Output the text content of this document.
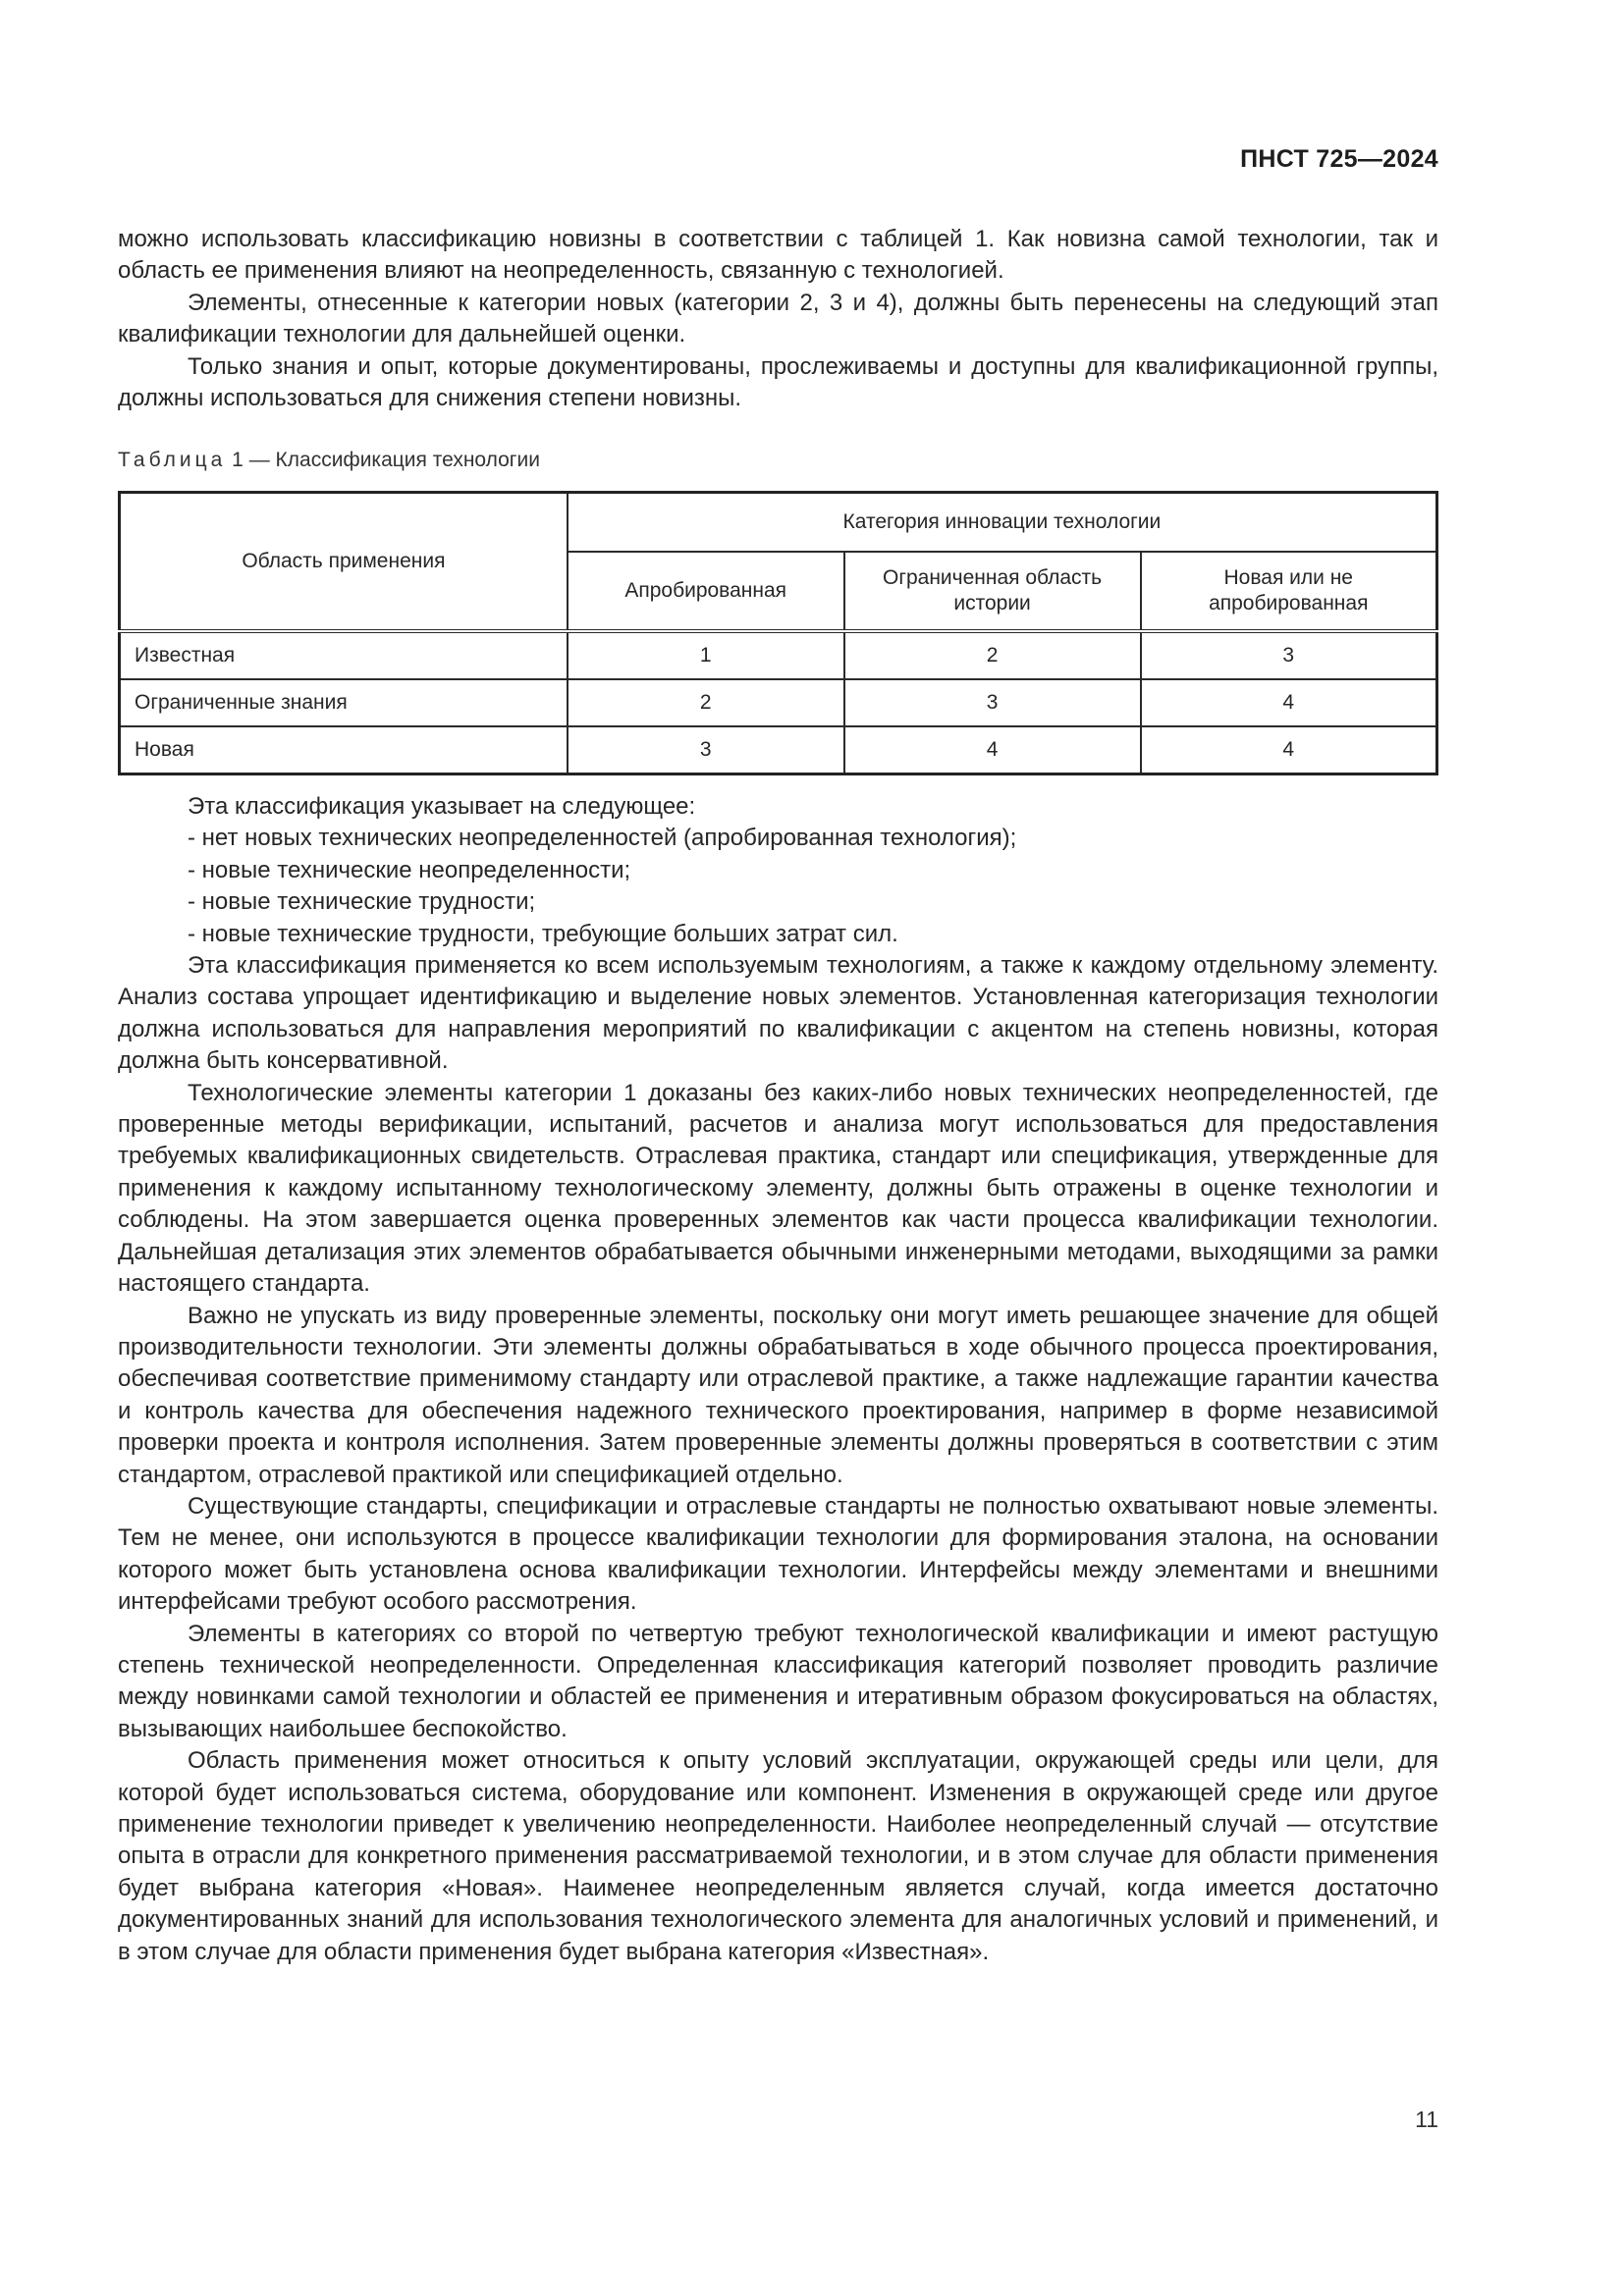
ПНСТ 725—2024

можно использовать классификацию новизны в соответствии с таблицей 1. Как новизна самой технологии, так и область ее применения влияют на неопределенность, связанную с технологией.

Элементы, отнесенные к категории новых (категории 2, 3 и 4), должны быть перенесены на следующий этап квалификации технологии для дальнейшей оценки.

Только знания и опыт, которые документированы, прослеживаемы и доступны для квалификационной группы, должны использоваться для снижения степени новизны.

Таблица 1 — Классификация технологии
Область применения	Категория инновации технологии		
	Апробированная	Ограниченная область истории	Новая или не апробированная
Известная	1	2	3
Ограниченные знания	2	3	4
Новая	3	4	4

Эта классификация указывает на следующее:

- нет новых технических неопределенностей (апробированная технология);

- новые технические неопределенности;

- новые технические трудности;

- новые технические трудности, требующие больших затрат сил.

Эта классификация применяется ко всем используемым технологиям, а также к каждому отдельному элементу. Анализ состава упрощает идентификацию и выделение новых элементов. Установленная категоризация технологии должна использоваться для направления мероприятий по квалификации с акцентом на степень новизны, которая должна быть консервативной.

Технологические элементы категории 1 доказаны без каких-либо новых технических неопределенностей, где проверенные методы верификации, испытаний, расчетов и анализа могут использоваться для предоставления требуемых квалификационных свидетельств. Отраслевая практика, стандарт или спецификация, утвержденные для применения к каждому испытанному технологическому элементу, должны быть отражены в оценке технологии и соблюдены. На этом завершается оценка проверенных элементов как части процесса квалификации технологии. Дальнейшая детализация этих элементов обрабатывается обычными инженерными методами, выходящими за рамки настоящего стандарта.

Важно не упускать из виду проверенные элементы, поскольку они могут иметь решающее значение для общей производительности технологии. Эти элементы должны обрабатываться в ходе обычного процесса проектирования, обеспечивая соответствие применимому стандарту или отраслевой практике, а также надлежащие гарантии качества и контроль качества для обеспечения надежного технического проектирования, например в форме независимой проверки проекта и контроля исполнения. Затем проверенные элементы должны проверяться в соответствии с этим стандартом, отраслевой практикой или спецификацией отдельно.

Существующие стандарты, спецификации и отраслевые стандарты не полностью охватывают новые элементы. Тем не менее, они используются в процессе квалификации технологии для формирования эталона, на основании которого может быть установлена основа квалификации технологии. Интерфейсы между элементами и внешними интерфейсами требуют особого рассмотрения.

Элементы в категориях со второй по четвертую требуют технологической квалификации и имеют растущую степень технической неопределенности. Определенная классификация категорий позволяет проводить различие между новинками самой технологии и областей ее применения и итеративным образом фокусироваться на областях, вызывающих наибольшее беспокойство.

Область применения может относиться к опыту условий эксплуатации, окружающей среды или цели, для которой будет использоваться система, оборудование или компонент. Изменения в окружающей среде или другое применение технологии приведет к увеличению неопределенности. Наиболее неопределенный случай — отсутствие опыта в отрасли для конкретного применения рассматриваемой технологии, и в этом случае для области применения будет выбрана категория «Новая». Наименее неопределенным является случай, когда имеется достаточно документированных знаний для использования технологического элемента для аналогичных условий и применений, и в этом случае для области применения будет выбрана категория «Известная».

11
